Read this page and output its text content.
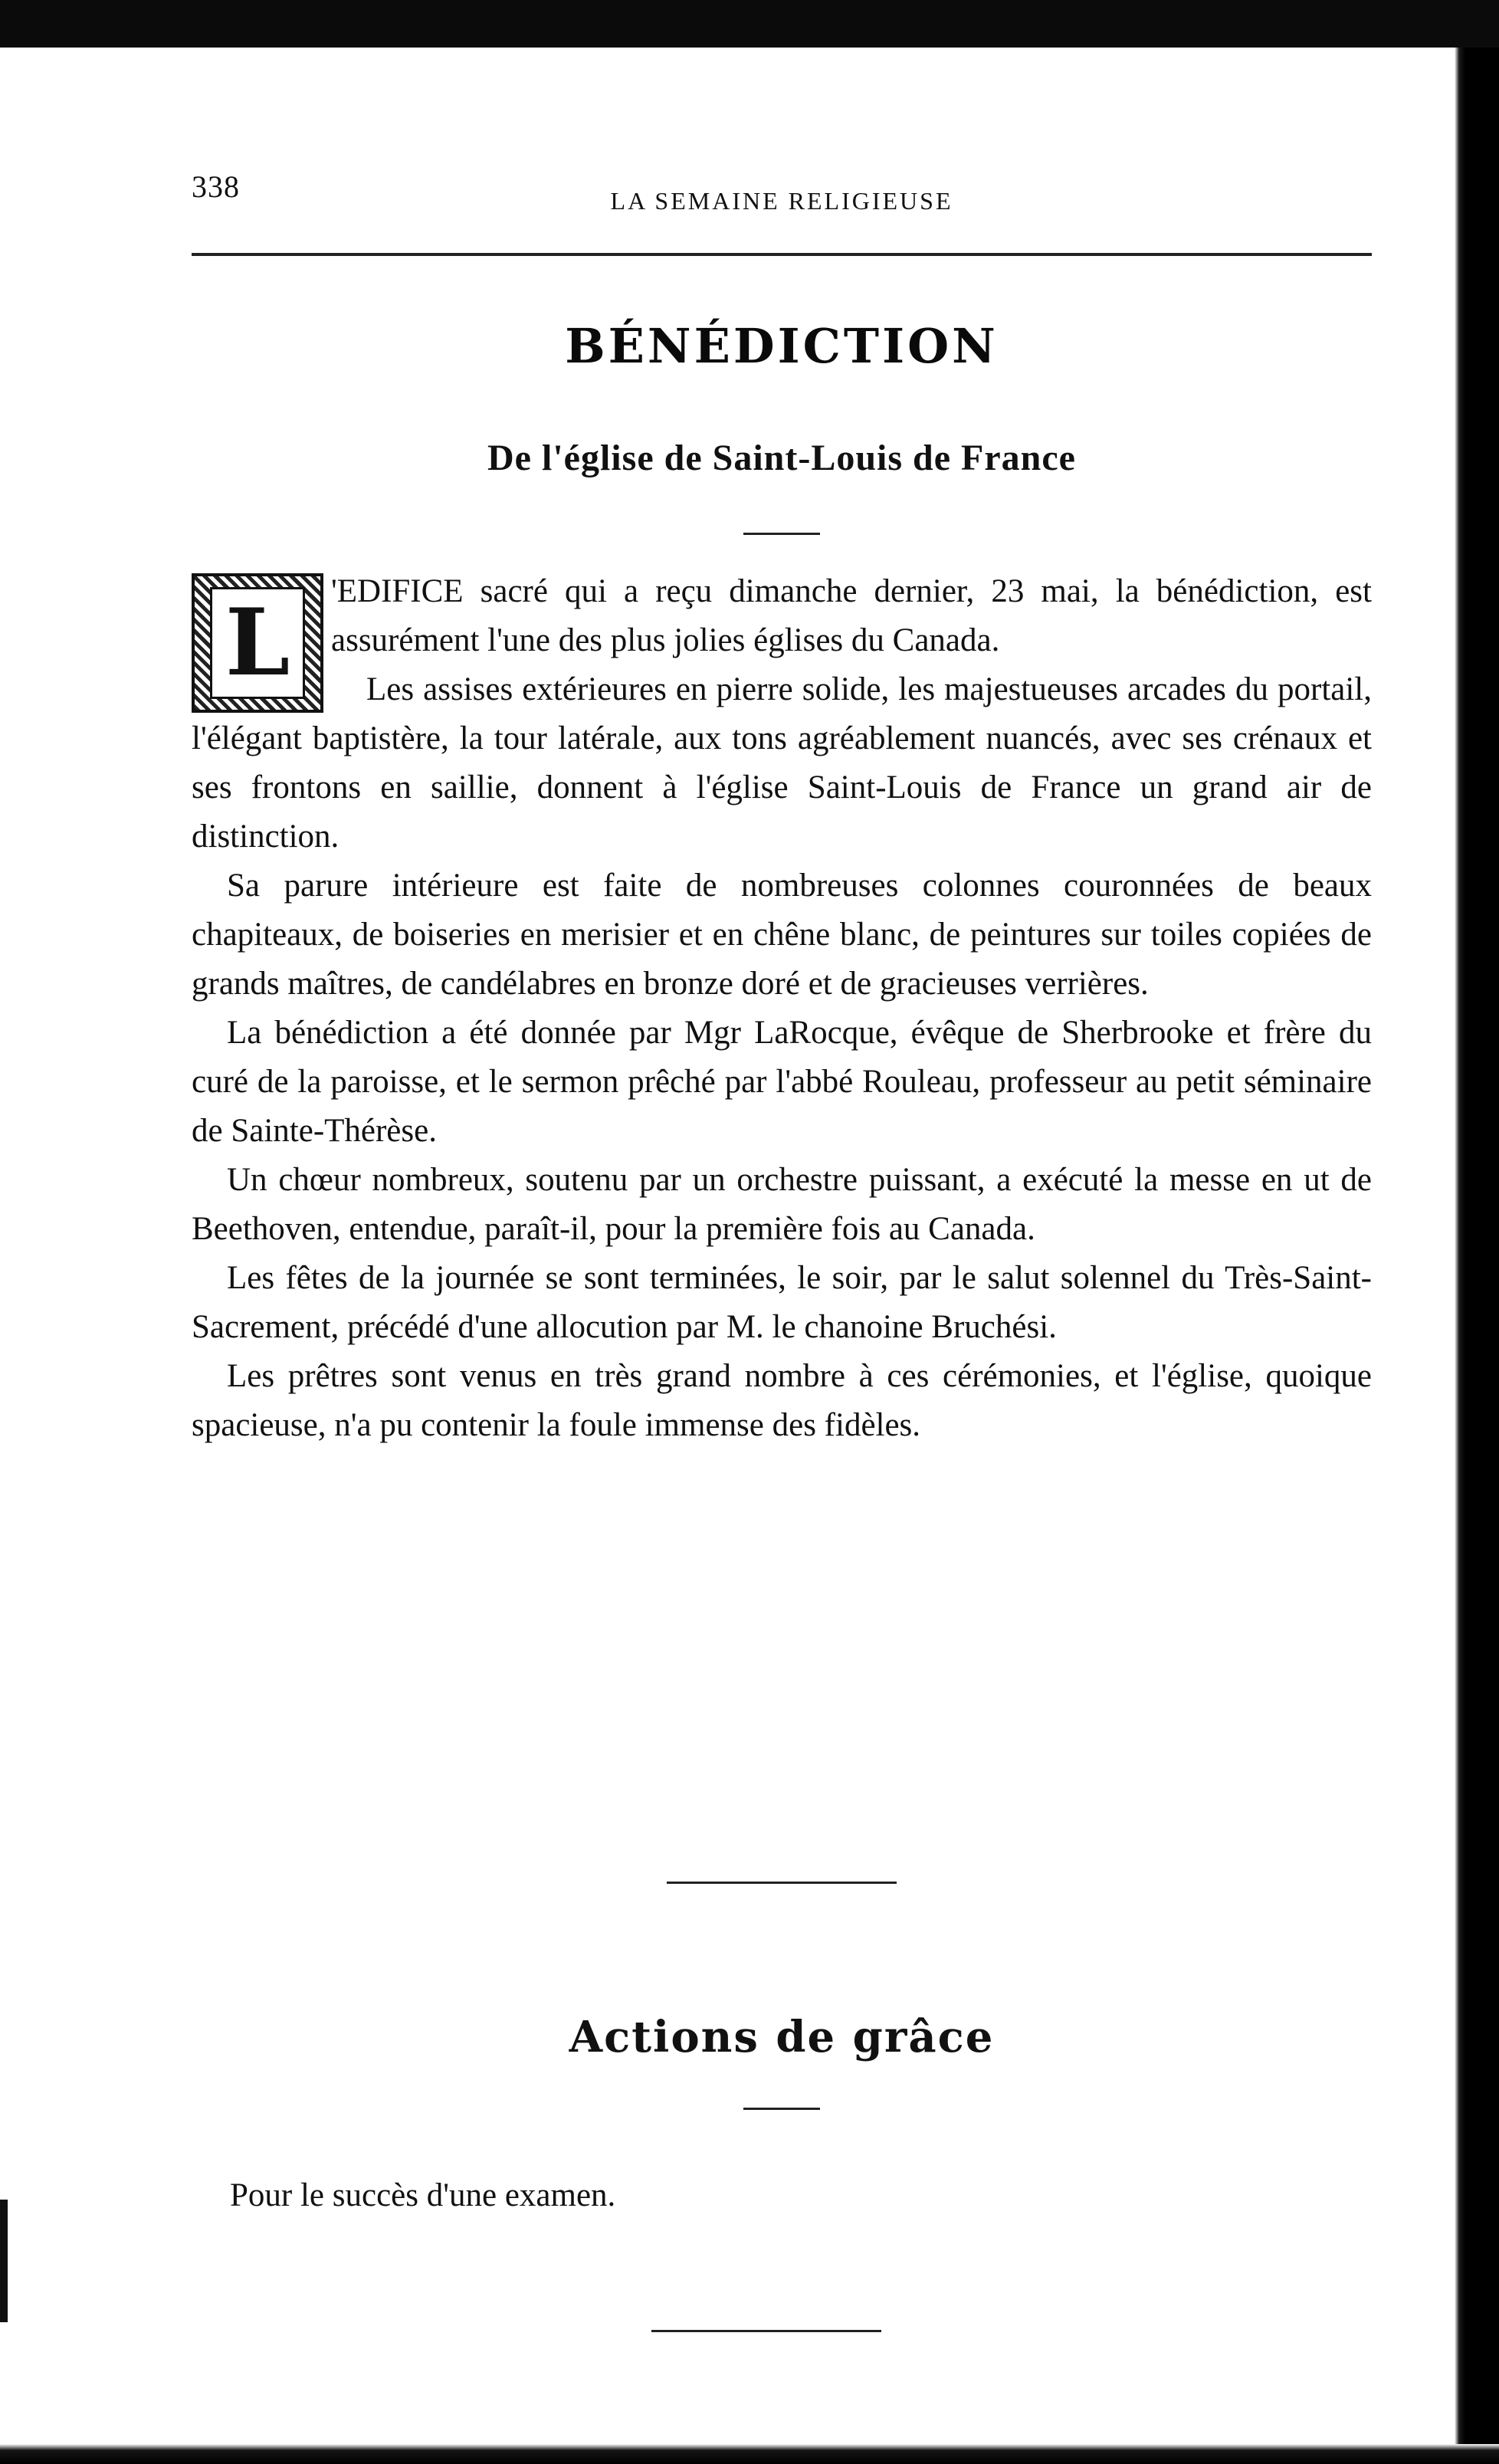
338	LA SEMAINE RELIGIEUSE
BÉNÉDICTION
De l'église de Saint-Louis de France

L	'EDIFICE sacré qui a reçu dimanche dernier, 23 mai, la bénédiction, est assurément l'une des plus jolies églises du Canada.

Les assises extérieures en pierre solide, les majestueuses arcades du portail, l'élégant baptistère, la tour latérale, aux tons agréablement nuancés, avec ses crénaux et ses frontons en saillie, donnent à l'église Saint-Louis de France un grand air de distinction.

Sa parure intérieure est faite de nombreuses colonnes couronnées de beaux chapiteaux, de boiseries en merisier et en chêne blanc, de peintures sur toiles copiées de grands maîtres, de candélabres en bronze doré et de gracieuses verrières.

La bénédiction a été donnée par Mgr LaRocque, évêque de Sherbrooke et frère du curé de la paroisse, et le sermon prêché par l'abbé Rouleau, professeur au petit séminaire de Sainte-Thérèse.

Un chœur nombreux, soutenu par un orchestre puissant, a exécuté la messe en ut de Beethoven, entendue, paraît-il, pour la première fois au Canada.

Les fêtes de la journée se sont terminées, le soir, par le salut solennel du Très-Saint-Sacrement, précédé d'une allocution par M. le chanoine Bruchési.

Les prêtres sont venus en très grand nombre à ces cérémonies, et l'église, quoique spacieuse, n'a pu contenir la foule immense des fidèles.

Actions de grâce
Pour le succès d'une examen.
